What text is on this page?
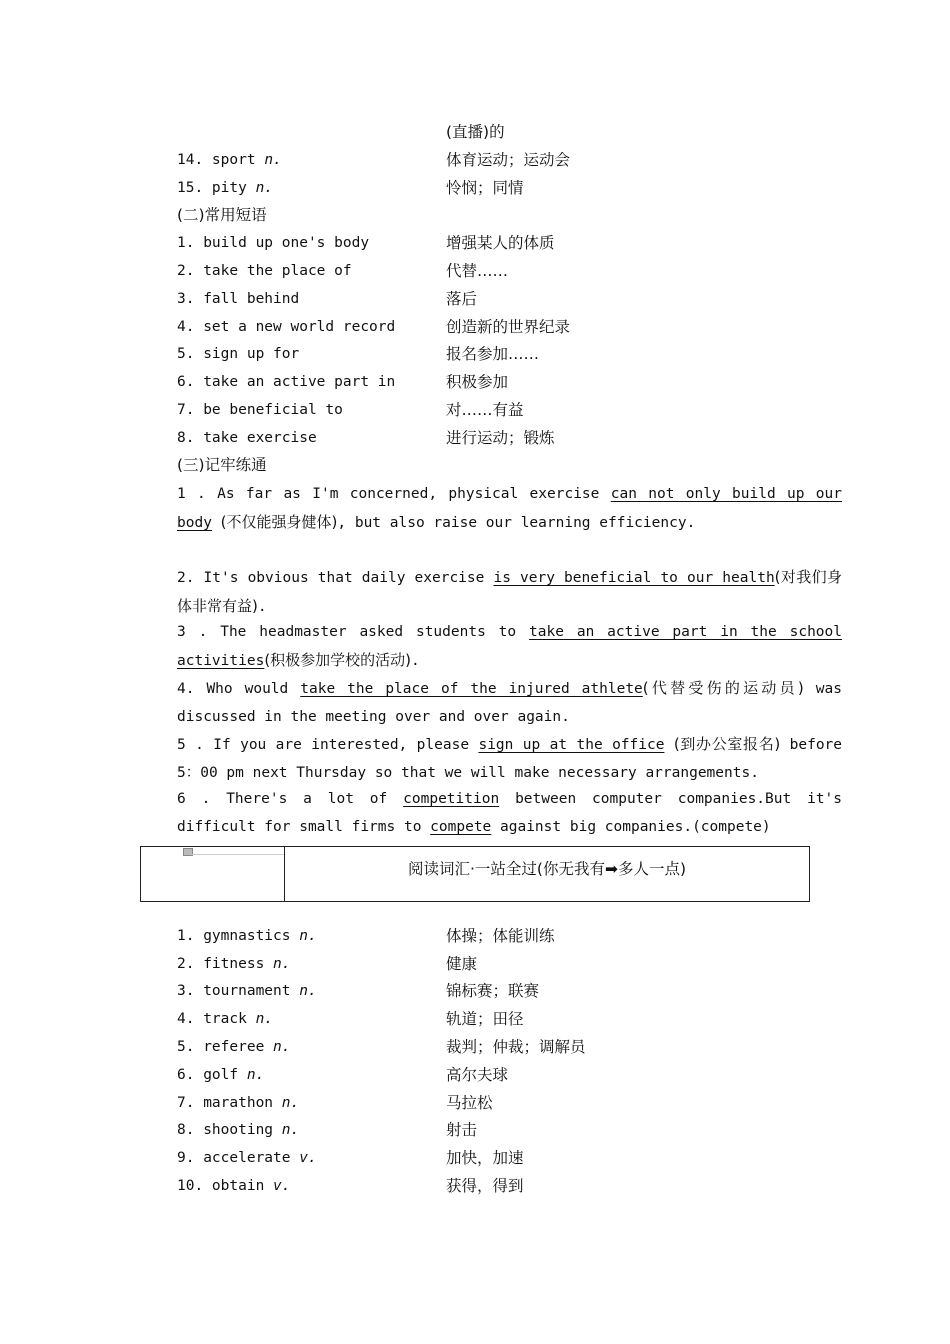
(直播)的
14. sport n.	体育运动；运动会
15. pity n.	怜悯；同情
(二)常用短语
1. build up one's body	增强某人的体质
2. take the place of	代替……
3. fall behind	落后
4. set a new world record	创造新的世界纪录
5. sign up for	报名参加……
6. take an active part in	积极参加
7. be beneficial to	对……有益
8. take exercise	进行运动；锻炼
(三)记牢练通
1 . As far as I'm concerned, physical exercise can not only build up our body (不仅能强身健体), but also raise our learning efficiency.
2. It's obvious that daily exercise is very beneficial to our health(对我们身体非常有益).
3 . The headmaster asked students to take an active part in the school activities(积极参加学校的活动).
4. Who would take the place of the injured athlete(代替受伤的运动员) was discussed in the meeting over and over again.
5 . If you are interested, please sign up at the office (到办公室报名) before 5：00 pm next Thursday so that we will make necessary arrangements.
6 . There's a lot of competition between computer companies.But it's difficult for small firms to compete against big companies.(compete)
阅读词汇·一站全过(你无我有➡多人一点)
1. gymnastics n.	体操；体能训练
2. fitness n.	健康
3. tournament n.	锦标赛；联赛
4. track n.	轨道；田径
5. referee n.	裁判；仲裁；调解员
6. golf n.	高尔夫球
7. marathon n.	马拉松
8. shooting n.	射击
9. accelerate v.	加快，加速
10. obtain v.	获得，得到
